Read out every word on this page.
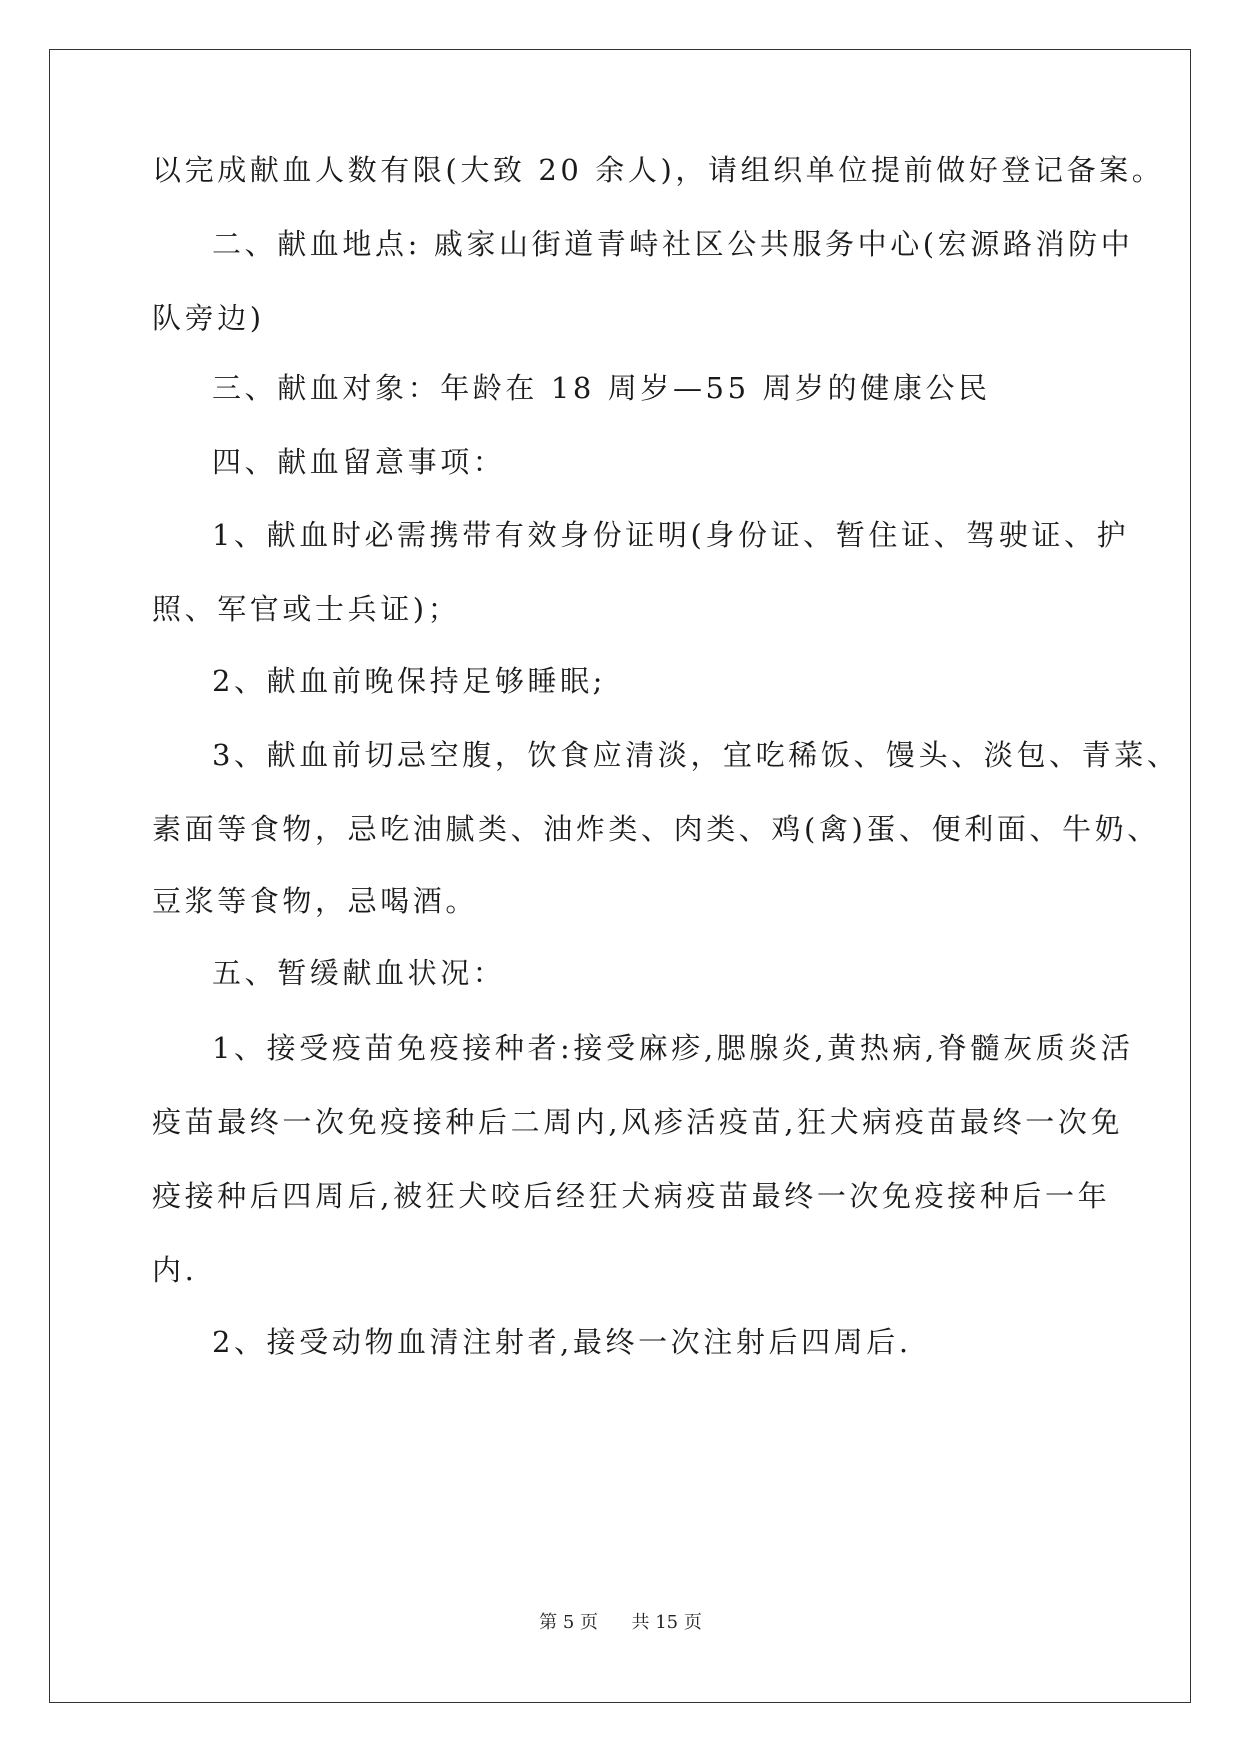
以完成献血人数有限(大致 20 余人)，请组织单位提前做好登记备案。
二、献血地点: 戚家山街道青峙社区公共服务中心(宏源路消防中
队旁边)
三、献血对象：年龄在 18 周岁—55 周岁的健康公民
四、献血留意事项：
1、献血时必需携带有效身份证明(身份证、暂住证、驾驶证、护
照、军官或士兵证)；
2、献血前晚保持足够睡眠;
3、献血前切忌空腹，饮食应清淡，宜吃稀饭、馒头、淡包、青菜、
素面等食物，忌吃油腻类、油炸类、肉类、鸡(禽)蛋、便利面、牛奶、
豆浆等食物，忌喝酒。
五、暂缓献血状况：
1、接受疫苗免疫接种者:接受麻疹,腮腺炎,黄热病,脊髓灰质炎活
疫苗最终一次免疫接种后二周内,风疹活疫苗,狂犬病疫苗最终一次免
疫接种后四周后,被狂犬咬后经狂犬病疫苗最终一次免疫接种后一年
内.
2、接受动物血清注射者,最终一次注射后四周后.
第 5 页 共 15 页
